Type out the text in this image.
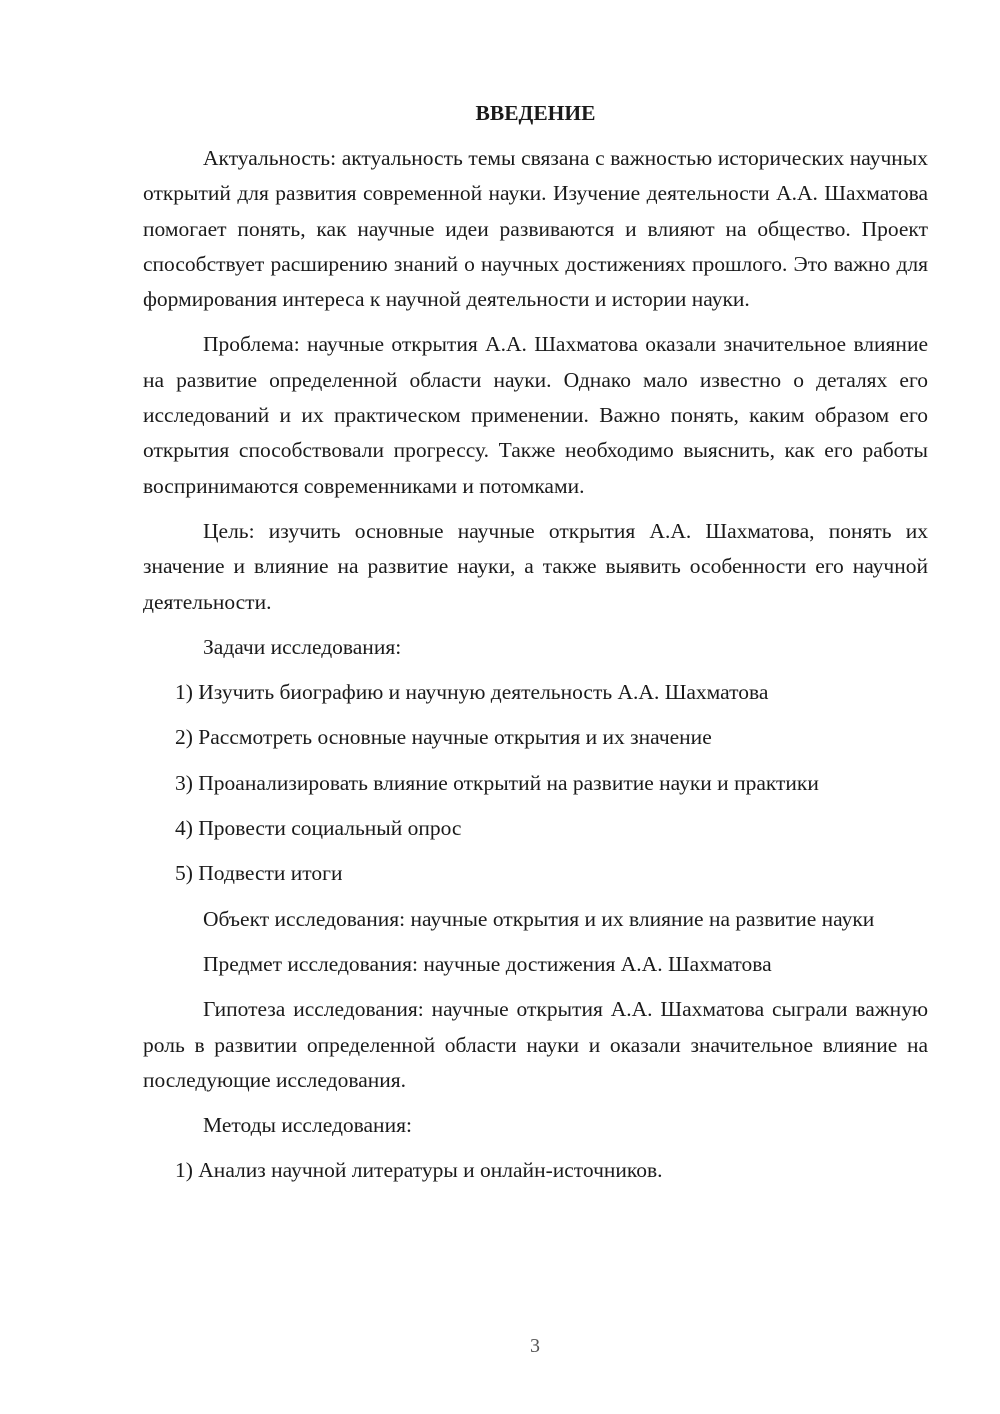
ВВЕДЕНИЕ
Актуальность: актуальность темы связана с важностью исторических научных открытий для развития современной науки. Изучение деятельности А.А. Шахматова помогает понять, как научные идеи развиваются и влияют на общество. Проект способствует расширению знаний о научных достижениях прошлого. Это важно для формирования интереса к научной деятельности и истории науки.
Проблема: научные открытия А.А. Шахматова оказали значительное влияние на развитие определенной области науки. Однако мало известно о деталях его исследований и их практическом применении. Важно понять, каким образом его открытия способствовали прогрессу. Также необходимо выяснить, как его работы воспринимаются современниками и потомками.
Цель: изучить основные научные открытия А.А. Шахматова, понять их значение и влияние на развитие науки, а также выявить особенности его научной деятельности.
Задачи исследования:
1) Изучить биографию и научную деятельность А.А. Шахматова
2) Рассмотреть основные научные открытия и их значение
3) Проанализировать влияние открытий на развитие науки и практики
4) Провести социальный опрос
5) Подвести итоги
Объект исследования: научные открытия и их влияние на развитие науки
Предмет исследования: научные достижения А.А. Шахматова
Гипотеза исследования: научные открытия А.А. Шахматова сыграли важную роль в развитии определенной области науки и оказали значительное влияние на последующие исследования.
Методы исследования:
1) Анализ научной литературы и онлайн-источников.
3
